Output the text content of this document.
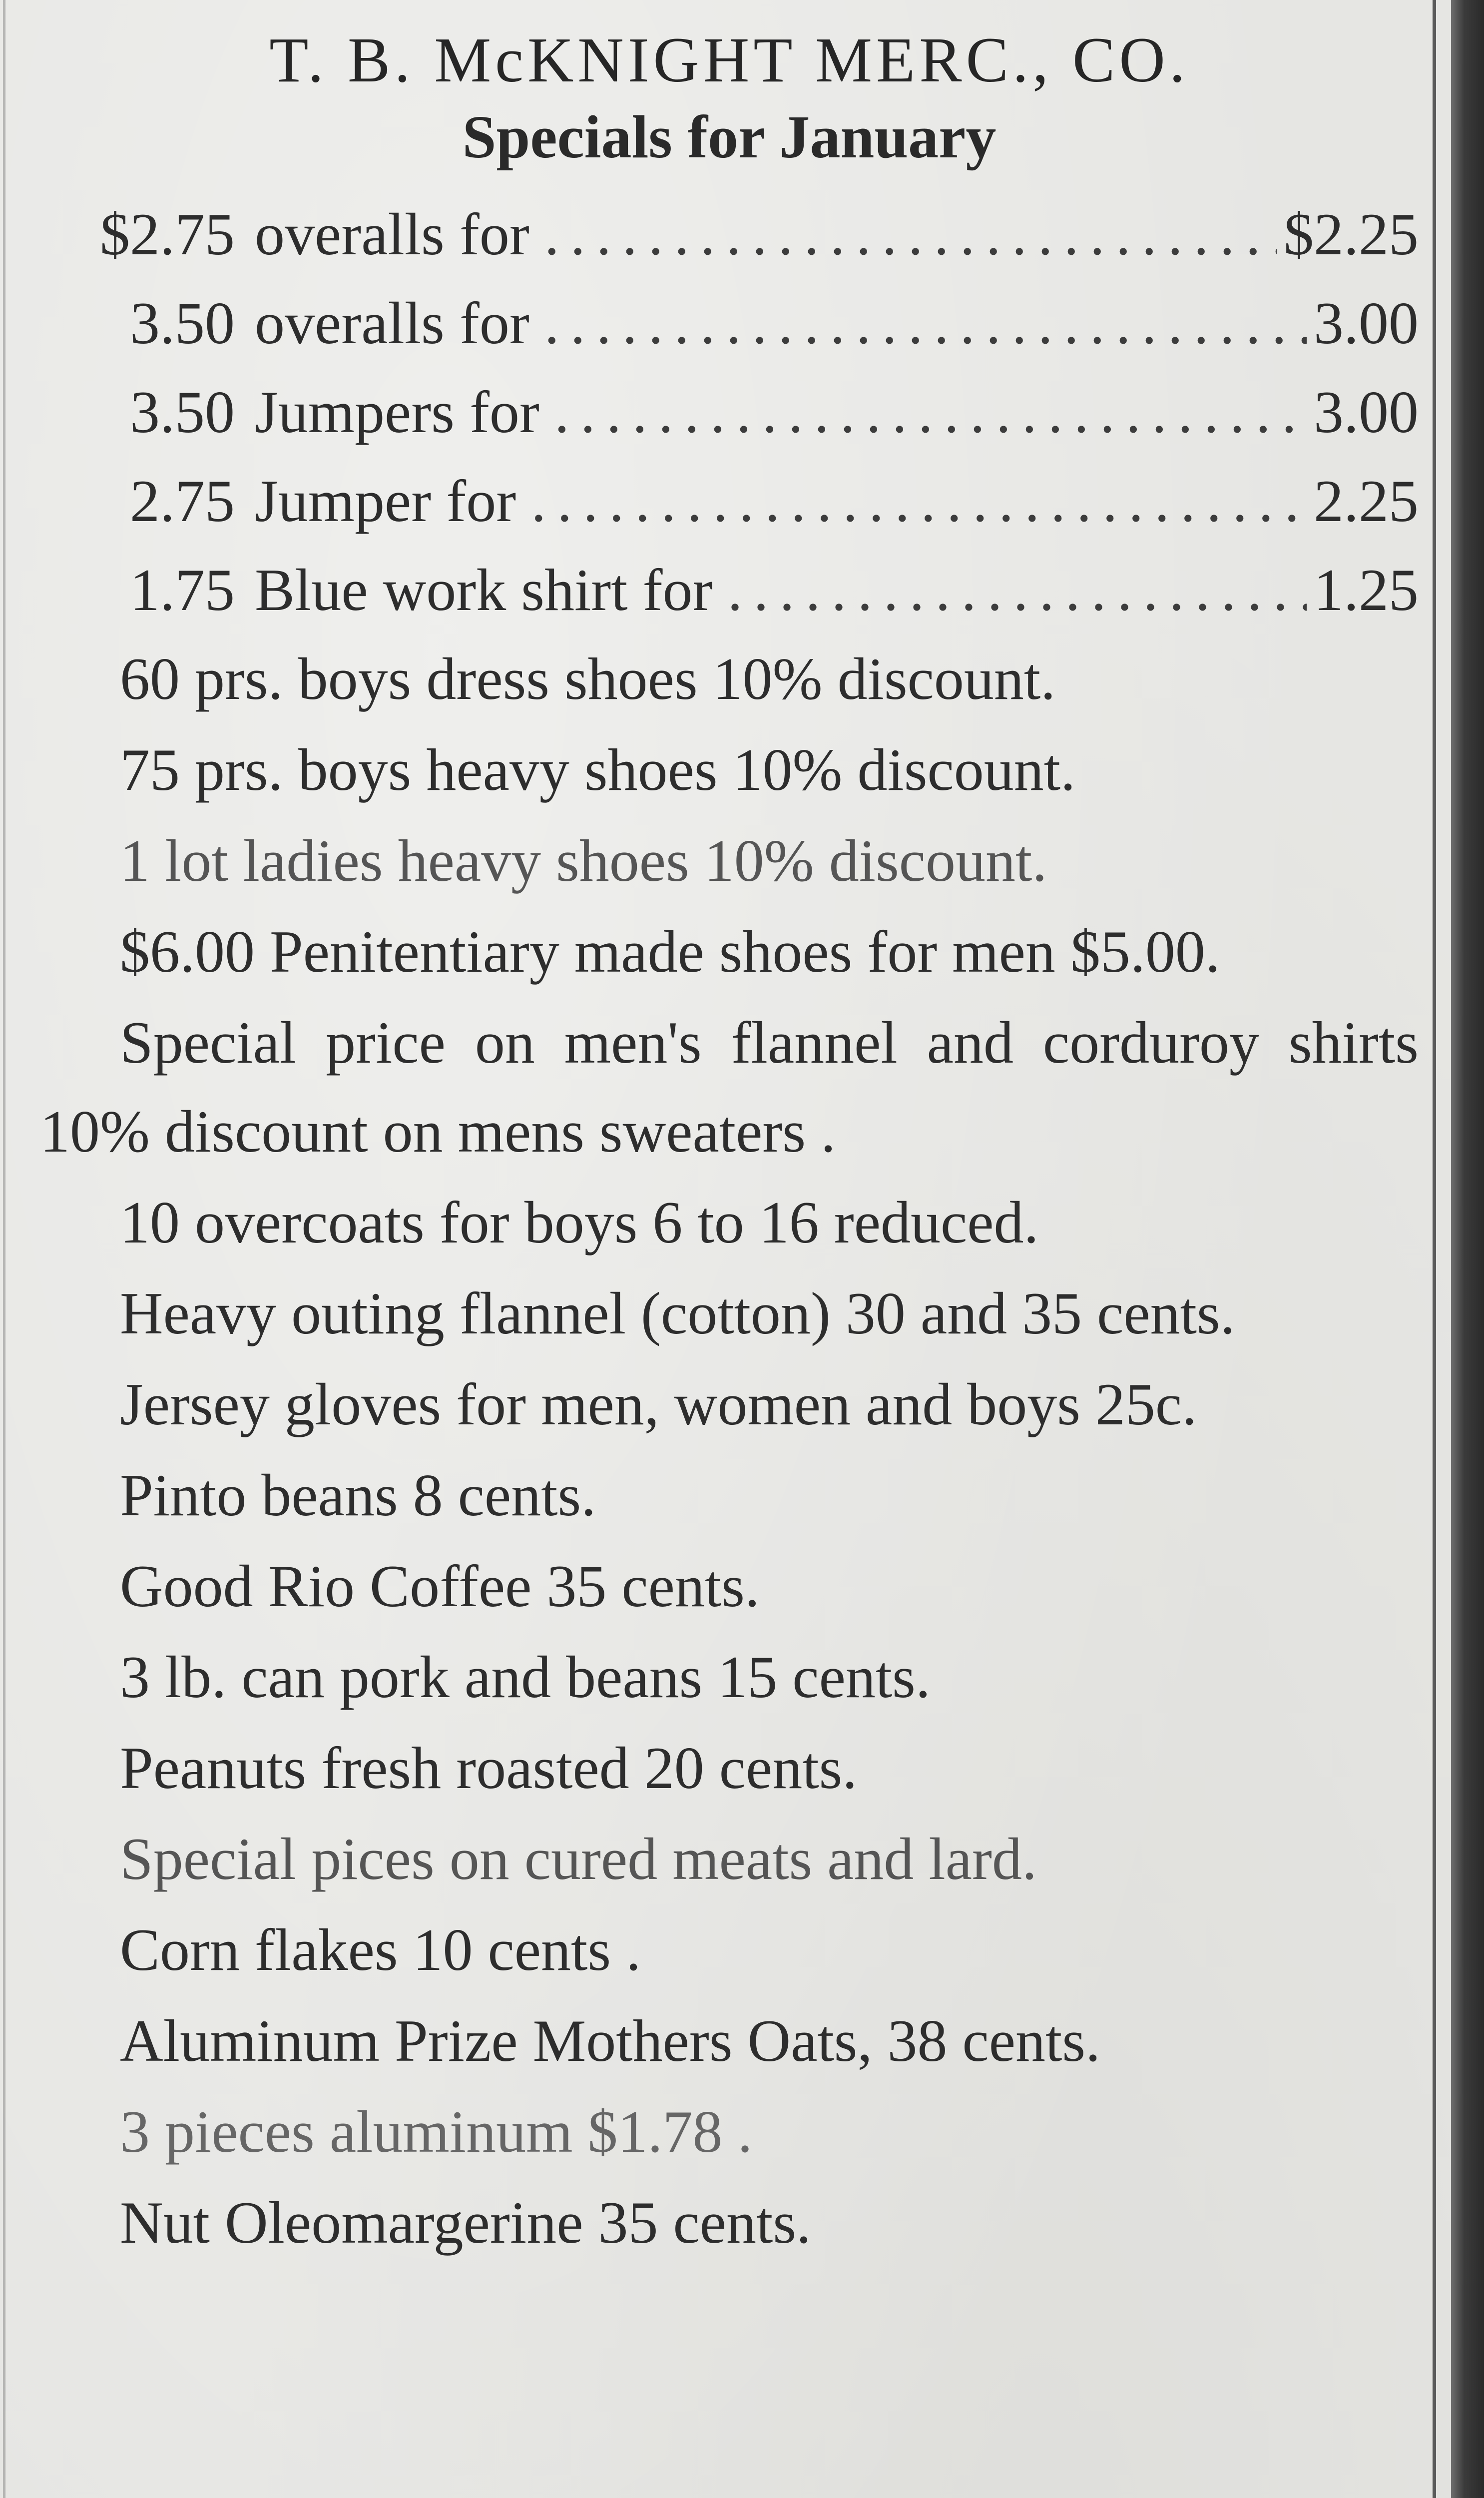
T. B. McKNIGHT MERC., CO.
Specials for January
$2.75 overalls for .....	$2.25
3.50 overalls for .....	3.00
3.50 Jumpers for .....	3.00
2.75 Jumper for .....	2.25
1.75 Blue work shirt for .....	1.25

60 prs. boys dress shoes 10% discount.

75 prs. boys heavy shoes 10% discount.

1 lot ladies heavy shoes 10% discount.

$6.00 Penitentiary made shoes for men $5.00.

Special price on men's flannel and corduroy shirts 10% discount on mens sweaters .

10 overcoats for boys 6 to 16 reduced.

Heavy outing flannel (cotton) 30 and 35 cents.

Jersey gloves for men, women and boys 25c.

Pinto beans 8 cents.

Good Rio Coffee 35 cents.

3 lb. can pork and beans 15 cents.

Peanuts fresh roasted 20 cents.

Special pices on cured meats and lard.

Corn flakes 10 cents .

Aluminum Prize Mothers Oats, 38 cents.

3 pieces aluminum $1.78 .

Nut Oleomargerine 35 cents.
